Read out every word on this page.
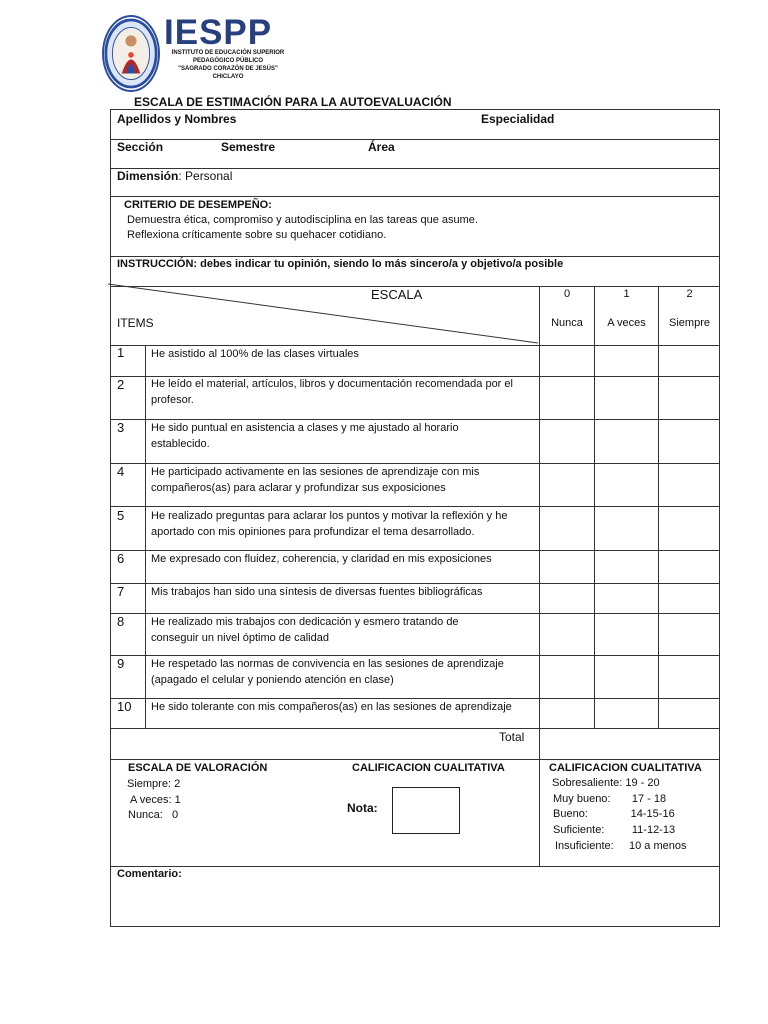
IESPP
INSTITUTO DE EDUCACIÓN SUPERIOR
PEDAGÓGICO PÚBLICO
"SAGRADO CORAZÓN DE JESÚS"
CHICLAYO
ESCALA DE ESTIMACIÓN PARA LA AUTOEVALUACIÓN
Apellidos y Nombres	Especialidad
Sección	Semestre	Área
Dimensión: Personal
CRITERIO DE DESEMPEÑO:
Demuestra ética, compromiso y autodisciplina en las tareas que asume.
Reflexiona críticamente sobre su quehacer cotidiano.
INSTRUCCIÓN: debes indicar tu opinión, siendo lo más sincero/a y objetivo/a posible
ESCALA
ITEMS
0
Nunca
1
A veces
2
Siempre
1 He asistido al 100% de las clases virtuales
2 He leído el material, artículos, libros y documentación recomendada por el profesor.
3 He sido puntual en asistencia a clases y me ajustado al horario establecido.
4 He participado activamente en las sesiones de aprendizaje con mis compañeros(as) para aclarar y profundizar sus exposiciones
5 He realizado preguntas para aclarar los puntos y motivar la reflexión y he aportado con mis opiniones para profundizar el tema desarrollado.
6 Me expresado con fluidez, coherencia, y claridad en mis exposiciones
7 Mis trabajos han sido una síntesis de diversas fuentes bibliográficas
8 He realizado mis trabajos con dedicación y esmero tratando de conseguir un nivel óptimo de calidad
9 He respetado las normas de convivencia en las sesiones de aprendizaje (apagado el celular y poniendo atención en clase)
10 He sido tolerante con mis compañeros(as) en las sesiones de aprendizaje
Total
ESCALA DE VALORACIÓN
Siempre: 2
A veces: 1
Nunca:   0
CALIFICACION CUALITATIVA
Nota:
CALIFICACION CUALITATIVA
Sobresaliente: 19 - 20
Muy bueno:       17 - 18
Bueno:              14-15-16
Suficiente:         11-12-13
Insuficiente:     10 a menos
Comentario:
